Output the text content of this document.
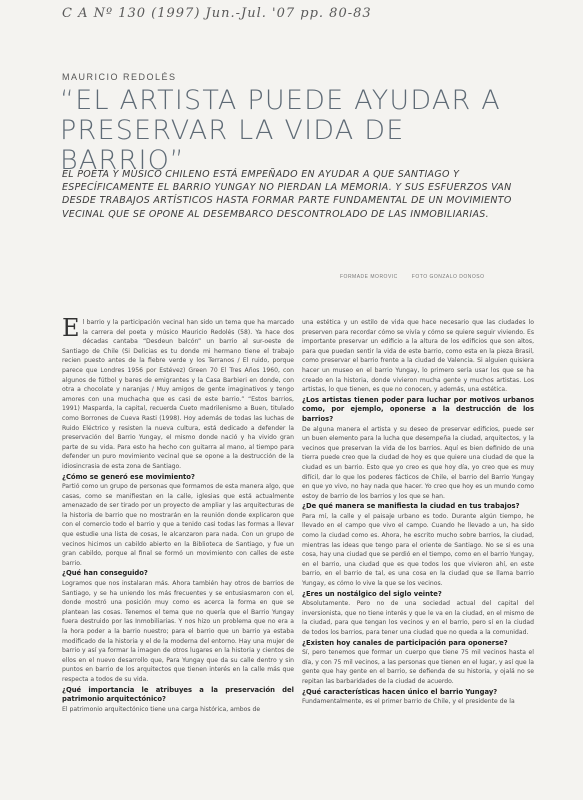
C A Nº 130 (1997) Jun.-Jul. '07 pp. 80-83
MAURICIO REDOLÉS
“EL ARTISTA PUEDE AYUDAR A
PRESERVAR LA VIDA DE BARRIO”

EL POETA Y MÚSICO CHILENO ESTÁ EMPEÑADO EN AYUDAR A QUE SANTIAGO Y ESPECÍFICAMENTE EL BARRIO YUNGAY NO PIERDAN LA MEMORIA. Y SUS ESFUERZOS VAN DESDE TRABAJOS ARTÍSTICOS HASTA FORMAR PARTE FUNDAMENTAL DE UN MOVIMIENTO VECINAL QUE SE OPONE AL DESEMBARCO DESCONTROLADO DE LAS INMOBILIARIAS.

FORMADE MOROVIC	FOTO GONZALO DONOSO

El barrio y la participación vecinal han sido un tema que ha marcado la carrera del poeta y músico Mauricio Redolés (58). Ya hace dos décadas cantaba “Desdeun balcón” un barrio al sur-oeste de Santiago de Chile (Si Delicias es tu donde mi hermano tiene el trabajo recien puesto antes de la fiebre verde y los Terranos / El ruido, porque parece que Londres 1956 por Estévez) Green 70 El Tres Años 1960, con algunos de fútbol y bares de emigrantes y la Casa Barbieri en donde, con otra a chocolate y naranjas / Muy amigos de gente imaginativos y tengo amores con una muchacha que es casi de este barrio.” “Estos barrios, 1991) Masparda, la capital, recuerda Cueto madrilenismo a Buen, titulado como Borrones de Cueva Rasti (1998). Hoy además de todas las luchas de Ruido Eléctrico y resisten la nueva cultura, está dedicado a defender la preservación del Barrio Yungay, el mismo donde nació y ha vivido gran parte de su vida. Para esto ha hecho con guitarra al mano, al tiempo para defender un puro movimiento vecinal que se opone a la destrucción de la idiosincrasia de esta zona de Santiago.

¿Cómo se generó ese movimiento?

Partió como un grupo de personas que formamos de esta manera algo, que casas, como se manifiestan en la calle, iglesias que está actualmente amenazado de ser tirado por un proyecto de ampliar y las arquitecturas de la historia de barrio que no mostrarán en la reunión donde explicaron que con el comercio todo el barrio y que a tenido casi todas las formas a llevar que estudie una lista de cosas, le alcanzaron para nada. Con un grupo de vecinos hicimos un cabildo abierto en la Biblioteca de Santiago, y fue un gran cabildo, porque al final se formó un movimiento con calles de este barrio.

¿Qué han conseguido?

Logramos que nos instalaran más. Ahora también hay otros de barrios de Santiago, y se ha uniendo los más frecuentes y se entusiasmaron con el, donde mostró una posición muy como es acerca la forma en que se plantean las cosas. Tenemos el tema que no quería que el Barrio Yungay fuera destruido por las Inmobiliarias. Y nos hizo un problema que no era a la hora poder a la barrio nuestro; para el barrio que un barrio ya estaba modificado de la historia y el de la moderna del entorno. Hay una mujer de barrio y así ya formar la imagen de otros lugares en la historia y cientos de ellos en el nuevo desarrollo que, Para Yungay que da su calle dentro y sin puntos en barrio de los arquitectos que tienen interés en la calle más que respecta a todos de su vida.

¿Qué importancia le atribuyes a la preservación del patrimonio arquitectónico?

El patrimonio arquitectónico tiene una carga histórica, ambos de

una estética y un estilo de vida que hace necesario que las ciudades lo preserven para recordar cómo se vivía y cómo se quiere seguir viviendo. Es importante preservar un edificio a la altura de los edificios que son altos, para que puedan sentir la vida de este barrio, como esta en la pieza Brasil, como preservar el barrio frente a la ciudad de Valencia. Si alguien quisiera hacer un museo en el barrio Yungay, lo primero sería usar los que se ha creado en la historia, donde vivieron mucha gente y muchos artistas. Los artistas, lo que tienen, es que no conocen, y además, una estética.

¿Los artistas tienen poder para luchar por motivos urbanos como, por ejemplo, oponerse a la destrucción de los barrios?

De alguna manera el artista y su deseo de preservar edificios, puede ser un buen elemento para la lucha que desempeña la ciudad, arquitectos, y la vecinos que preservan la vida de los barrios. Aquí es bien definido de una tierra puede creo que la ciudad de hoy es que quiere una ciudad de que la ciudad es un barrio. Esto que yo creo es que hoy día, yo creo que es muy difícil, dar lo que los poderes fácticos de Chile, el barrio del Barrio Yungay en que yo vivo, no hay nada que hacer. Yo creo que hoy es un mundo como estoy de barrio de los barrios y los que se han.

¿De qué manera se manifiesta la ciudad en tus trabajos?

Para mí, la calle y el paisaje urbano es todo. Durante algún tiempo, he llevado en el campo que vivo el campo. Cuando he llevado a un, ha sido como la ciudad como es. Ahora, he escrito mucho sobre barrios, la ciudad, mientras las ideas que tengo para el oriente de Santiago. No se si es una cosa, hay una ciudad que se perdió en el tiempo, como en el barrio Yungay, en el barrio, una ciudad que es que todos los que vivieron ahí, en este barrio, en el barrio de tal, es una cosa en la ciudad que se llama barrio Yungay, es cómo lo vive la que se los vecinos.

¿Eres un nostálgico del siglo veinte?

Absolutamente. Pero no de una sociedad actual del capital del inversionista, que no tiene interés y que le va en la ciudad, en el mismo de la ciudad, para que tengan los vecinos y en el barrio, pero sí en la ciudad de todos los barrios, para tener una ciudad que no queda a la comunidad.

¿Existen hoy canales de participación para oponerse?

Sí, pero tenemos que formar un cuerpo que tiene 75 mil vecinos hasta el día, y con 75 mil vecinos, a las personas que tienen en el lugar, y así que la gente que hay gente en el barrio, se defienda de su historia, y ojalá no se repitan las barbaridades de la ciudad de acuerdo.

¿Qué características hacen único el barrio Yungay?

Fundamentalmente, es el primer barrio de Chile, y el presidente de la
